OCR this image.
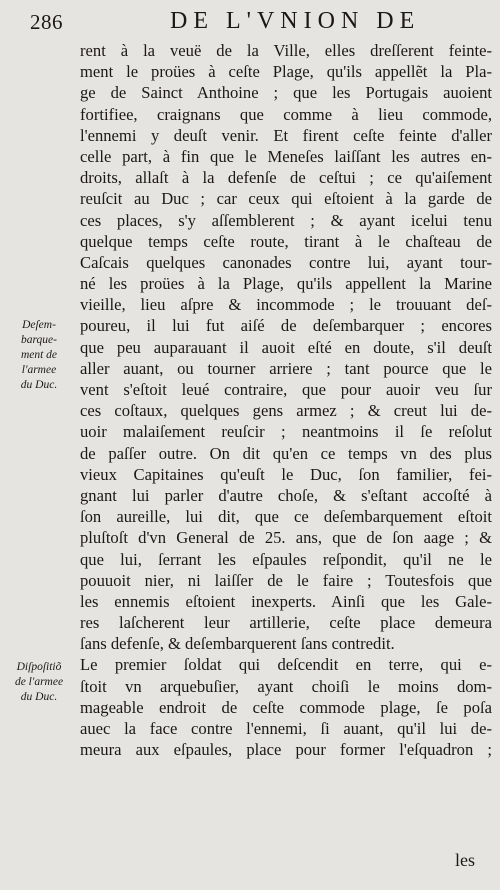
286	DE L'VNION DE
Deſem-
barque-
ment de
l'armee
du Duc.
Diſpoſitiõ
de l'armee
du Duc.
rent à la veuë de la Ville, elles dreſſerent feinte-
ment le proües à ceſte Plage, qu'ils appellẽt la Pla-
ge de Sainct Anthoine ; que les Portugais auoient
fortifiee, craignans que comme à lieu commode,
l'ennemi y deuſt venir. Et firent ceſte feinte d'aller
celle part, à fin que le Meneſes laiſſant les autres en-
droits, allaſt à la defenſe de ceſtui ; ce qu'aiſement
reuſcit au Duc ; car ceux qui eſtoient à la garde de
ces places, s'y aſſemblerent ; & ayant icelui tenu
quelque temps ceſte route, tirant à le chaſteau de
Caſcais quelques canonades contre lui, ayant tour-
né les proües à la Plage, qu'ils appellent la Marine
vieille, lieu aſpre & incommode ; le trouuant deſ-
poureu, il lui fut aiſé de deſembarquer ; encores
que peu auparauant il auoit eſté en doute, s'il deuſt
aller auant, ou tourner arriere ; tant pource que le
vent s'eſtoit leué contraire, que pour auoir veu ſur
ces coſtaux, quelques gens armez ; & creut lui de-
uoir malaiſement reuſcir ; neantmoins il ſe reſolut
de paſſer outre. On dit qu'en ce temps vn des plus
vieux Capitaines qu'euſt le Duc, ſon familier, fei-
gnant lui parler d'autre choſe, & s'eſtant accoſté à
ſon aureille, lui dit, que ce deſembarquement eſtoit
pluſtoſt d'vn General de 25. ans, que de ſon aage ; &
que lui, ſerrant les eſpaules reſpondit, qu'il ne le
pouuoit nier, ni laiſſer de le faire ; Toutesfois que
les ennemis eſtoient inexperts. Ainſi que les Gale-
res laſcherent leur artillerie, ceſte place demeura
ſans defenſe, & deſembarquerent ſans contredit.
Le premier ſoldat qui deſcendit en terre, qui e-
ſtoit vn arquebuſier, ayant choiſi le moins dom-
mageable endroit de ceſte commode plage, ſe poſa
auec la face contre l'ennemi, ſi auant, qu'il lui de-
meura aux eſpaules, place pour former l'eſquadron ;
les
